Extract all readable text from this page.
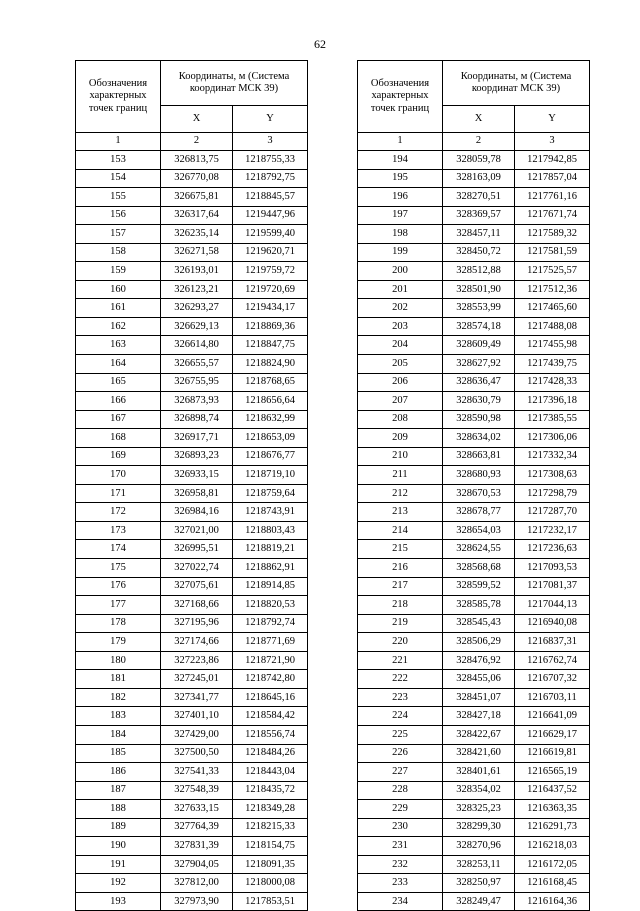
62
Обозначения характерных точек границ	Координаты, м (Система координат МСК 39)	
	X	Y
1	2	3
153	326813,75	1218755,33
154	326770,08	1218792,75
155	326675,81	1218845,57
156	326317,64	1219447,96
157	326235,14	1219599,40
158	326271,58	1219620,71
159	326193,01	1219759,72
160	326123,21	1219720,69
161	326293,27	1219434,17
162	326629,13	1218869,36
163	326614,80	1218847,75
164	326655,57	1218824,90
165	326755,95	1218768,65
166	326873,93	1218656,64
167	326898,74	1218632,99
168	326917,71	1218653,09
169	326893,23	1218676,77
170	326933,15	1218719,10
171	326958,81	1218759,64
172	326984,16	1218743,91
173	327021,00	1218803,43
174	326995,51	1218819,21
175	327022,74	1218862,91
176	327075,61	1218914,85
177	327168,66	1218820,53
178	327195,96	1218792,74
179	327174,66	1218771,69
180	327223,86	1218721,90
181	327245,01	1218742,80
182	327341,77	1218645,16
183	327401,10	1218584,42
184	327429,00	1218556,74
185	327500,50	1218484,26
186	327541,33	1218443,04
187	327548,39	1218435,72
188	327633,15	1218349,28
189	327764,39	1218215,33
190	327831,39	1218154,75
191	327904,05	1218091,35
192	327812,00	1218000,08
193	327973,90	1217853,51
Обозначения характерных точек границ	Координаты, м (Система координат МСК 39)	
	X	Y
1	2	3
194	328059,78	1217942,85
195	328163,09	1217857,04
196	328270,51	1217761,16
197	328369,57	1217671,74
198	328457,11	1217589,32
199	328450,72	1217581,59
200	328512,88	1217525,57
201	328501,90	1217512,36
202	328553,99	1217465,60
203	328574,18	1217488,08
204	328609,49	1217455,98
205	328627,92	1217439,75
206	328636,47	1217428,33
207	328630,79	1217396,18
208	328590,98	1217385,55
209	328634,02	1217306,06
210	328663,81	1217332,34
211	328680,93	1217308,63
212	328670,53	1217298,79
213	328678,77	1217287,70
214	328654,03	1217232,17
215	328624,55	1217236,63
216	328568,68	1217093,53
217	328599,52	1217081,37
218	328585,78	1217044,13
219	328545,43	1216940,08
220	328506,29	1216837,31
221	328476,92	1216762,74
222	328455,06	1216707,32
223	328451,07	1216703,11
224	328427,18	1216641,09
225	328422,67	1216629,17
226	328421,60	1216619,81
227	328401,61	1216565,19
228	328354,02	1216437,52
229	328325,23	1216363,35
230	328299,30	1216291,73
231	328270,96	1216218,03
232	328253,11	1216172,05
233	328250,97	1216168,45
234	328249,47	1216164,36
